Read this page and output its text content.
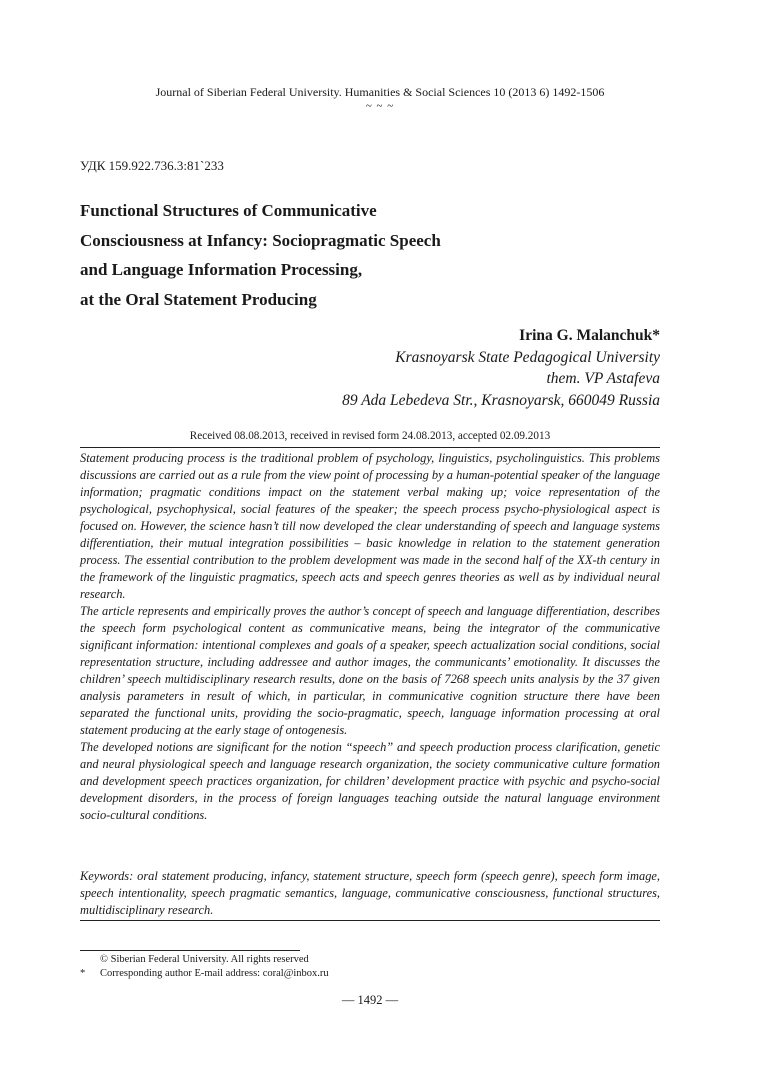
Journal of Siberian Federal University. Humanities & Social Sciences 10 (2013 6) 1492-1506
~ ~ ~
УДК 159.922.736.3:81`233
Functional Structures of Communicative
Consciousness at Infancy: Sociopragmatic Speech
and Language Information Processing,
at the Oral Statement Producing
Irina G. Malanchuk*
Krasnoyarsk State Pedagogical University
them. VP Astafeva
89 Ada Lebedeva Str., Krasnoyarsk, 660049 Russia
Received 08.08.2013, received in revised form 24.08.2013, accepted 02.09.2013

Statement producing process is the traditional problem of psychology, linguistics, psycholinguistics. This problems discussions are carried out as a rule from the view point of processing by a human-potential speaker of the language information; pragmatic conditions impact on the statement verbal making up; voice representation of the psychological, psychophysical, social features of the speaker; the speech process psycho-physiological aspect is focused on. However, the science hasn’t till now developed the clear understanding of speech and language systems differentiation, their mutual integration possibilities – basic knowledge in relation to the statement generation process. The essential contribution to the problem development was made in the second half of the XX-th century in the framework of the linguistic pragmatics, speech acts and speech genres theories as well as by individual neural research.

The article represents and empirically proves the author’s concept of speech and language differentiation, describes the speech form psychological content as communicative means, being the integrator of the communicative significant information: intentional complexes and goals of a speaker, speech actualization social conditions, social representation structure, including addressee and author images, the communicants’ emotionality. It discusses the children’ speech multidisciplinary research results, done on the basis of 7268 speech units analysis by the 37 given analysis parameters in result of which, in particular, in communicative cognition structure there have been separated the functional units, providing the socio-pragmatic, speech, language information processing at oral statement producing at the early stage of ontogenesis.

The developed notions are significant for the notion “speech” and speech production process clarification, genetic and neural physiological speech and language research organization, the society communicative culture formation and development speech practices organization, for children’ development practice with psychic and psycho-social development disorders, in the process of foreign languages teaching outside the natural language environment socio-cultural conditions.

Keywords: oral statement producing, infancy, statement structure, speech form (speech genre), speech form image, speech intentionality, speech pragmatic semantics, language, communicative consciousness, functional structures, multidisciplinary research.
© Siberian Federal University. All rights reserved
* Corresponding author E-mail address: coral@inbox.ru
— 1492 —
